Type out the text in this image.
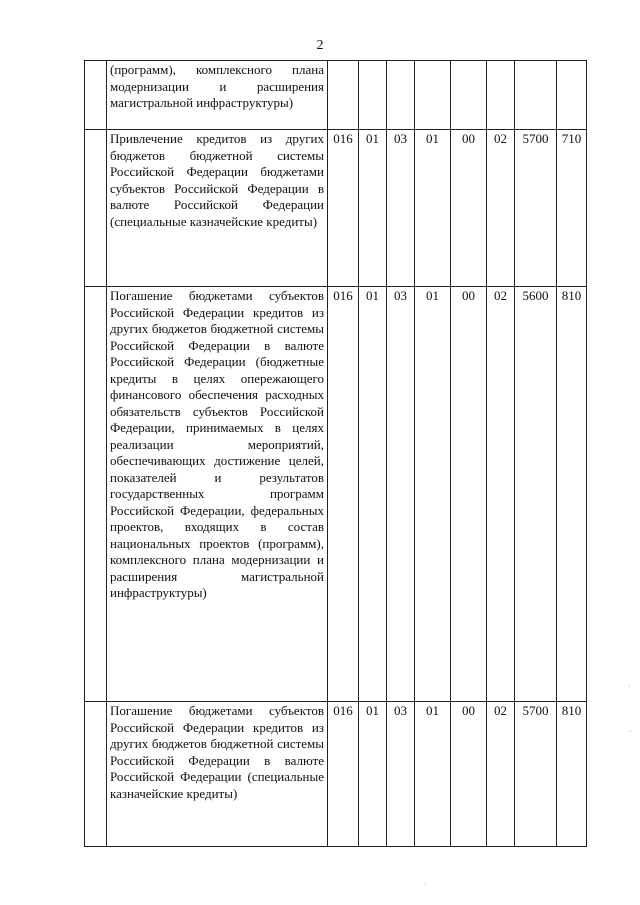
2
	(программ), комплексного плана модернизации и расширения магистральной инфраструктуры)								
	Привлечение кредитов из других бюджетов бюджетной системы Российской Федерации бюджетами субъектов Российской Федерации в валюте Российской Федерации (специальные казначейские кредиты)	016	01	03	01	00	02	5700	710
	Погашение бюджетами субъектов Российской Федерации кредитов из других бюджетов бюджетной системы Российской Федерации в валюте Российской Федерации (бюджетные кредиты в целях опережающего финансового обеспечения расходных обязательств субъектов Российской Федерации, принимаемых в целях реализации мероприятий, обеспечивающих достижение целей, показателей и результатов государственных программ Российской Федерации, федеральных проектов, входящих в состав национальных проектов (программ), комплексного плана модернизации и расширения магистральной инфраструктуры)	016	01	03	01	00	02	5600	810
	Погашение бюджетами субъектов Российской Федерации кредитов из других бюджетов бюджетной системы Российской Федерации в валюте Российской Федерации (специальные казначейские кредиты)	016	01	03	01	00	02	5700	810
·
·
·
